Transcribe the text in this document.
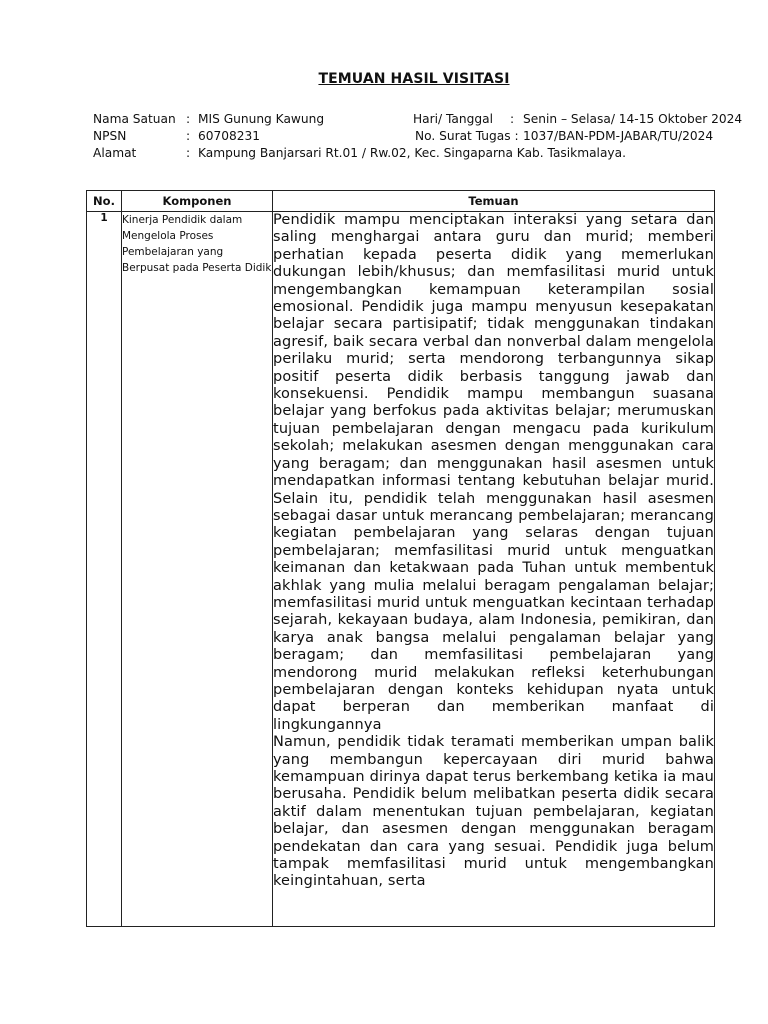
TEMUAN HASIL VISITASI
Nama Satuan : MIS Gunung Kawung	Hari/ Tanggal : Senin – Selasa/ 14-15 Oktober 2024
NPSN	: 60708231	No. Surat Tugas : 1037/BAN-PDM-JABAR/TU/2024
Alamat	: Kampung Banjarsari Rt.01 / Rw.02, Kec. Singaparna Kab. Tasikmalaya.
No.	Komponen	Temuan
1	Kinerja Pendidik dalam Mengelola Proses Pembelajaran yang Berpusat pada Peserta Didik	Pendidik mampu menciptakan interaksi yang setara dan saling menghargai antara guru dan murid; memberi perhatian kepada peserta didik yang memerlukan dukungan lebih/khusus; dan memfasilitasi murid untuk mengembangkan kemampuan keterampilan sosial emosional. Pendidik juga mampu menyusun kesepakatan belajar secara partisipatif; tidak menggunakan tindakan agresif, baik secara verbal dan nonverbal dalam mengelola perilaku murid; serta mendorong terbangunnya sikap positif peserta didik berbasis tanggung jawab dan konsekuensi. Pendidik mampu membangun suasana belajar yang berfokus pada aktivitas belajar; merumuskan tujuan pembelajaran dengan mengacu pada kurikulum sekolah; melakukan asesmen dengan menggunakan cara yang beragam; dan menggunakan hasil asesmen untuk mendapatkan informasi tentang kebutuhan belajar murid. Selain itu, pendidik telah menggunakan hasil asesmen sebagai dasar untuk merancang pembelajaran; merancang kegiatan pembelajaran yang selaras dengan tujuan pembelajaran; memfasilitasi murid untuk menguatkan keimanan dan ketakwaan pada Tuhan untuk membentuk akhlak yang mulia melalui beragam pengalaman belajar; memfasilitasi murid untuk menguatkan kecintaan terhadap sejarah, kekayaan budaya, alam Indonesia, pemikiran, dan karya anak bangsa melalui pengalaman belajar yang beragam; dan memfasilitasi pembelajaran yang mendorong murid melakukan refleksi keterhubungan pembelajaran dengan konteks kehidupan nyata untuk dapat berperan dan memberikan manfaat di lingkungannya

Namun, pendidik tidak teramati memberikan umpan balik yang membangun kepercayaan diri murid bahwa kemampuan dirinya dapat terus berkembang ketika ia mau berusaha. Pendidik belum melibatkan peserta didik secara aktif dalam menentukan tujuan pembelajaran, kegiatan belajar, dan asesmen dengan menggunakan beragam pendekatan dan cara yang sesuai. Pendidik juga belum tampak memfasilitasi murid untuk mengembangkan keingintahuan, serta
